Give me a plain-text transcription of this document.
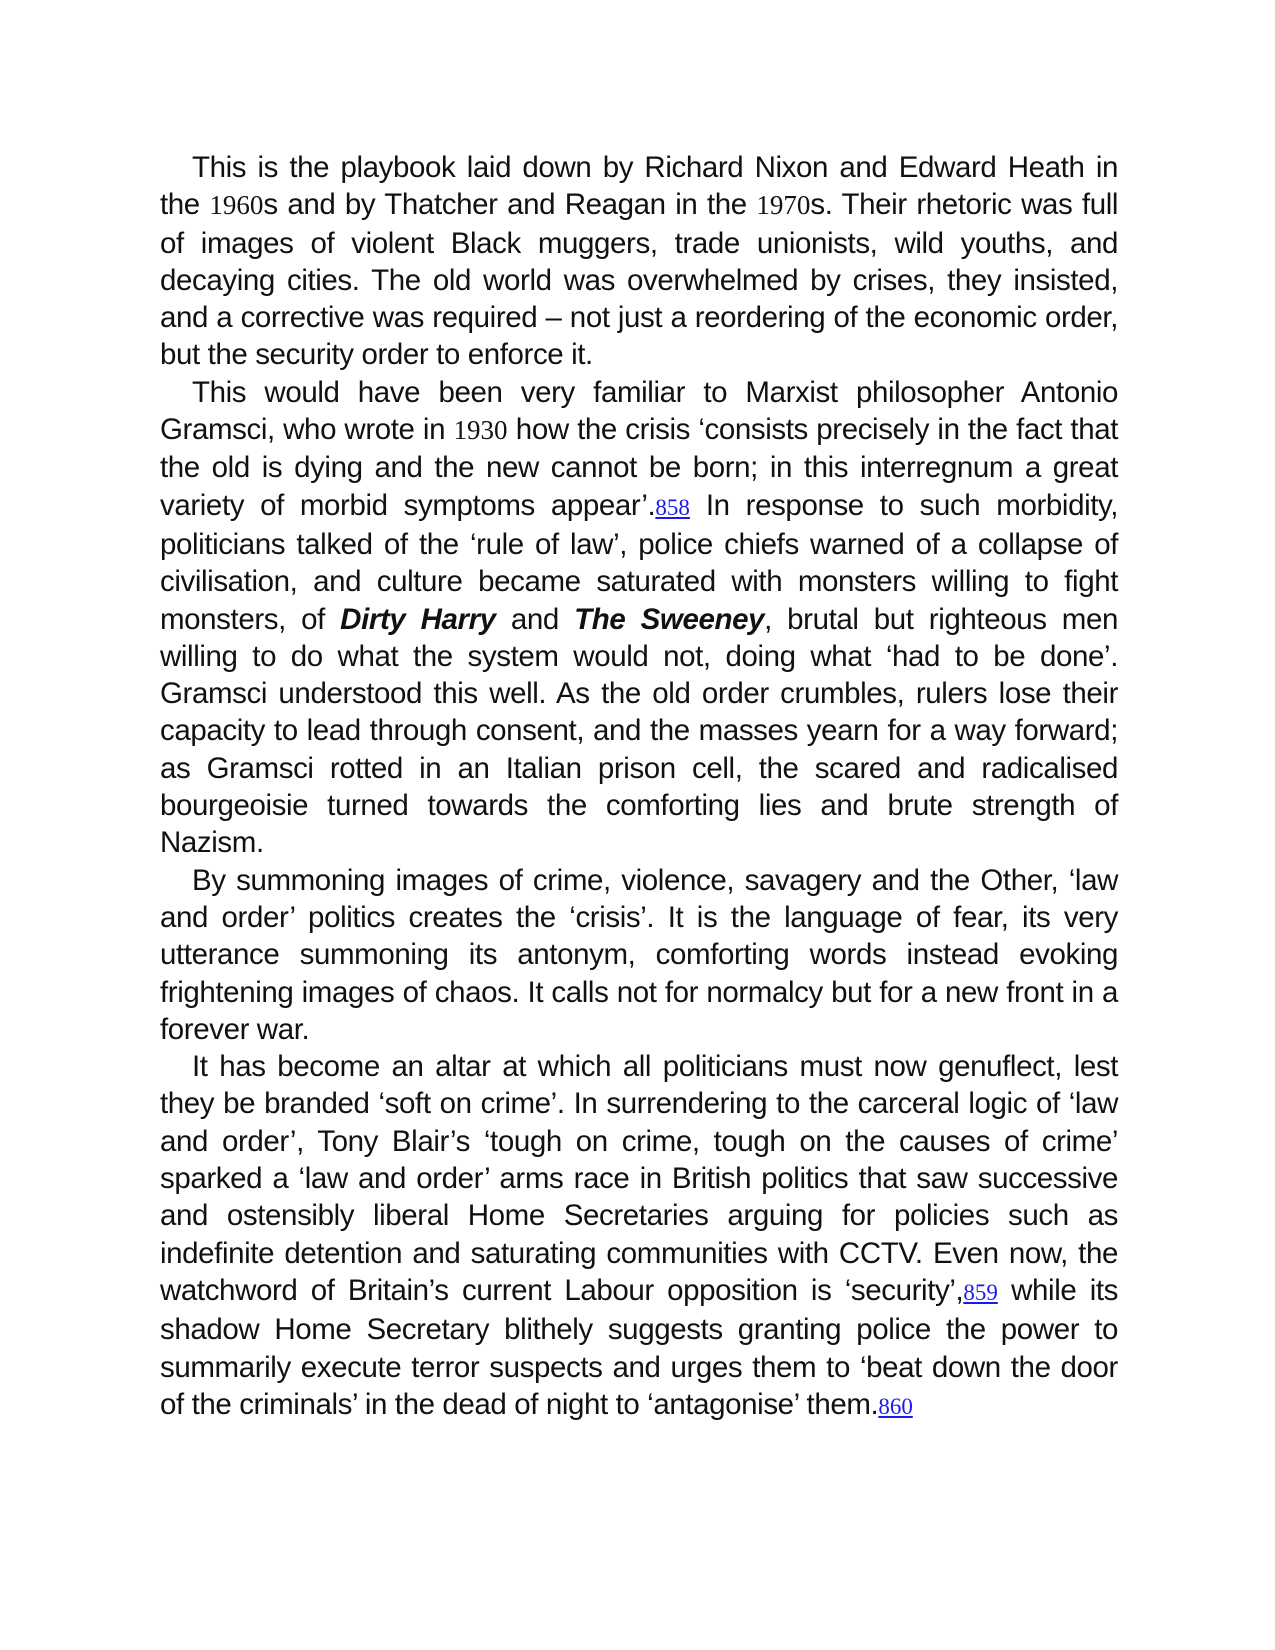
This is the playbook laid down by Richard Nixon and Edward Heath in the 1960s and by Thatcher and Reagan in the 1970s. Their rhetoric was full of images of violent Black muggers, trade unionists, wild youths, and decaying cities. The old world was overwhelmed by crises, they insisted, and a corrective was required – not just a reordering of the economic order, but the security order to enforce it.

This would have been very familiar to Marxist philosopher Antonio Gramsci, who wrote in 1930 how the crisis ‘consists precisely in the fact that the old is dying and the new cannot be born; in this interregnum a great variety of morbid symptoms appear’.858 In response to such morbidity, politicians talked of the ‘rule of law’, police chiefs warned of a collapse of civilisation, and culture became saturated with monsters willing to fight monsters, of Dirty Harry and The Sweeney, brutal but righteous men willing to do what the system would not, doing what ‘had to be done’. Gramsci understood this well. As the old order crumbles, rulers lose their capacity to lead through consent, and the masses yearn for a way forward; as Gramsci rotted in an Italian prison cell, the scared and radicalised bourgeoisie turned towards the comforting lies and brute strength of Nazism.

By summoning images of crime, violence, savagery and the Other, ‘law and order’ politics creates the ‘crisis’. It is the language of fear, its very utterance summoning its antonym, comforting words instead evoking frightening images of chaos. It calls not for normalcy but for a new front in a forever war.

It has become an altar at which all politicians must now genuflect, lest they be branded ‘soft on crime’. In surrendering to the carceral logic of ‘law and order’, Tony Blair’s ‘tough on crime, tough on the causes of crime’ sparked a ‘law and order’ arms race in British politics that saw successive and ostensibly liberal Home Secretaries arguing for policies such as indefinite detention and saturating communities with CCTV. Even now, the watchword of Britain’s current Labour opposition is ‘security’,859 while its shadow Home Secretary blithely suggests granting police the power to summarily execute terror suspects and urges them to ‘beat down the door of the criminals’ in the dead of night to ‘antagonise’ them.860
